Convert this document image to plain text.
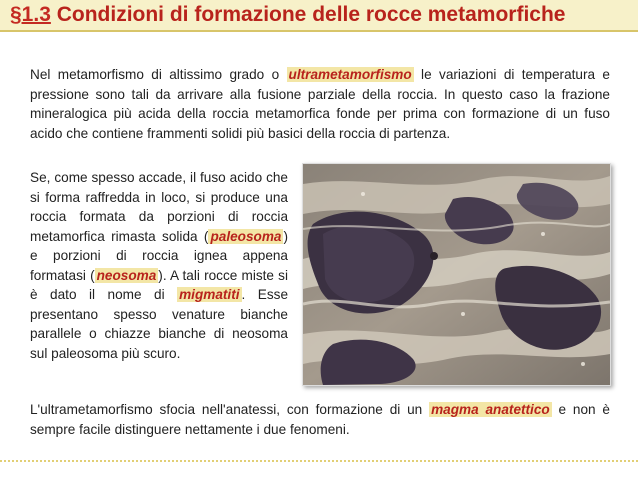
§1.3 Condizioni di formazione delle rocce metamorfiche
Nel metamorfismo di altissimo grado o ultrametamorfismo le variazioni di temperatura e pressione sono tali da arrivare alla fusione parziale della roccia. In questo caso la frazione mineralogica più acida della roccia metamorfica fonde per prima con formazione di un fuso acido che contiene frammenti solidi più basici della roccia di partenza.
Se, come spesso accade, il fuso acido che si forma raffredda in loco, si produce una roccia formata da porzioni di roccia metamorfica rimasta solida ( paleosoma ) e porzioni di roccia ignea appena formatasi ( neosoma ). A tali rocce miste si è dato il nome di migmatiti . Esse presentano spesso venature bianche parallele o chiazze bianche di neosoma sul paleosoma più scuro.
L'ultrametamorfismo sfocia nell'anatessi, con formazione di un magma anatettico e non è sempre facile distinguere nettamente i due fenomeni.
